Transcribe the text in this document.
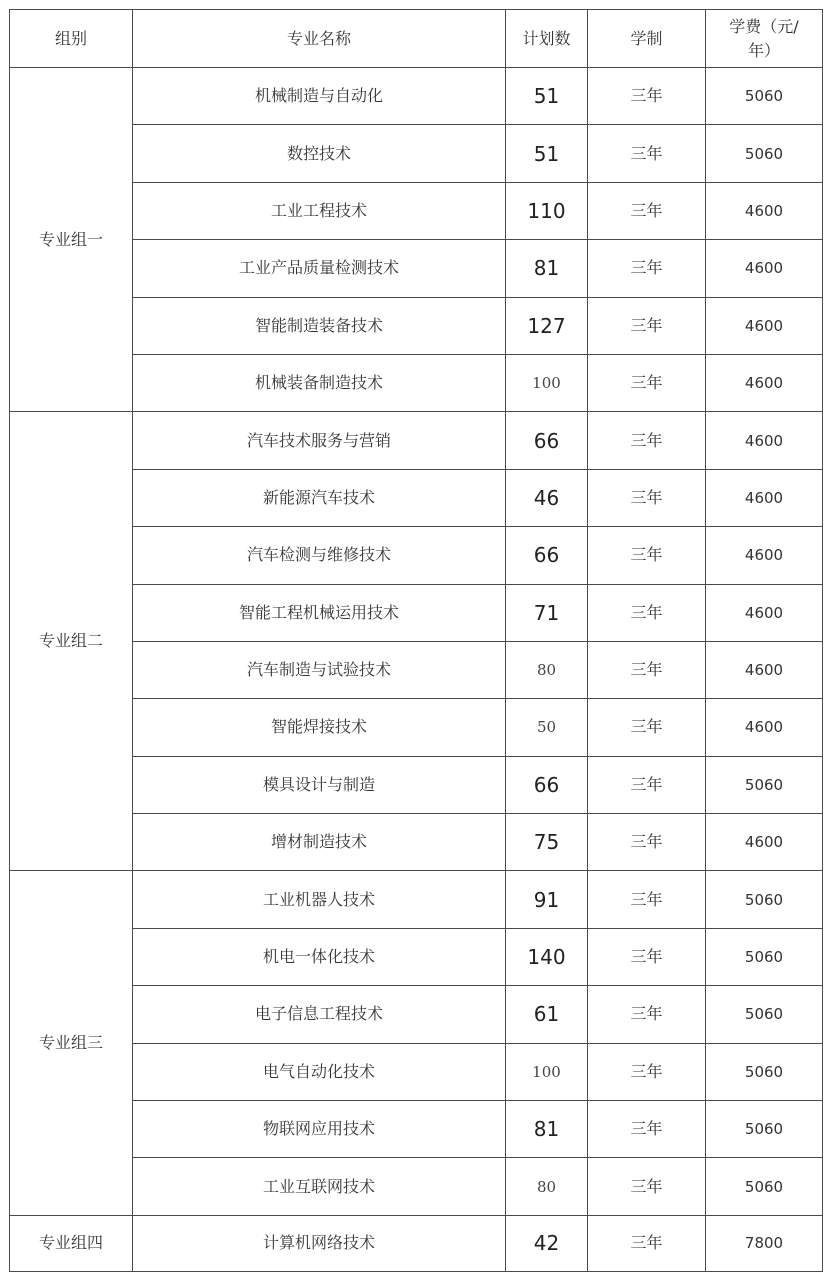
组别	专业名称	计划数	学制	学费（元/
年）
专业组一	机械制造与自动化	51	三年	5060
	数控技术	51	三年	5060
	工业工程技术	110	三年	4600
	工业产品质量检测技术	81	三年	4600
	智能制造装备技术	127	三年	4600
	机械装备制造技术	100	三年	4600
专业组二	汽车技术服务与营销	66	三年	4600
	新能源汽车技术	46	三年	4600
	汽车检测与维修技术	66	三年	4600
	智能工程机械运用技术	71	三年	4600
	汽车制造与试验技术	80	三年	4600
	智能焊接技术	50	三年	4600
	模具设计与制造	66	三年	5060
	增材制造技术	75	三年	4600
专业组三	工业机器人技术	91	三年	5060
	机电一体化技术	140	三年	5060
	电子信息工程技术	61	三年	5060
	电气自动化技术	100	三年	5060
	物联网应用技术	81	三年	5060
	工业互联网技术	80	三年	5060
专业组四	计算机网络技术	42	三年	7800
